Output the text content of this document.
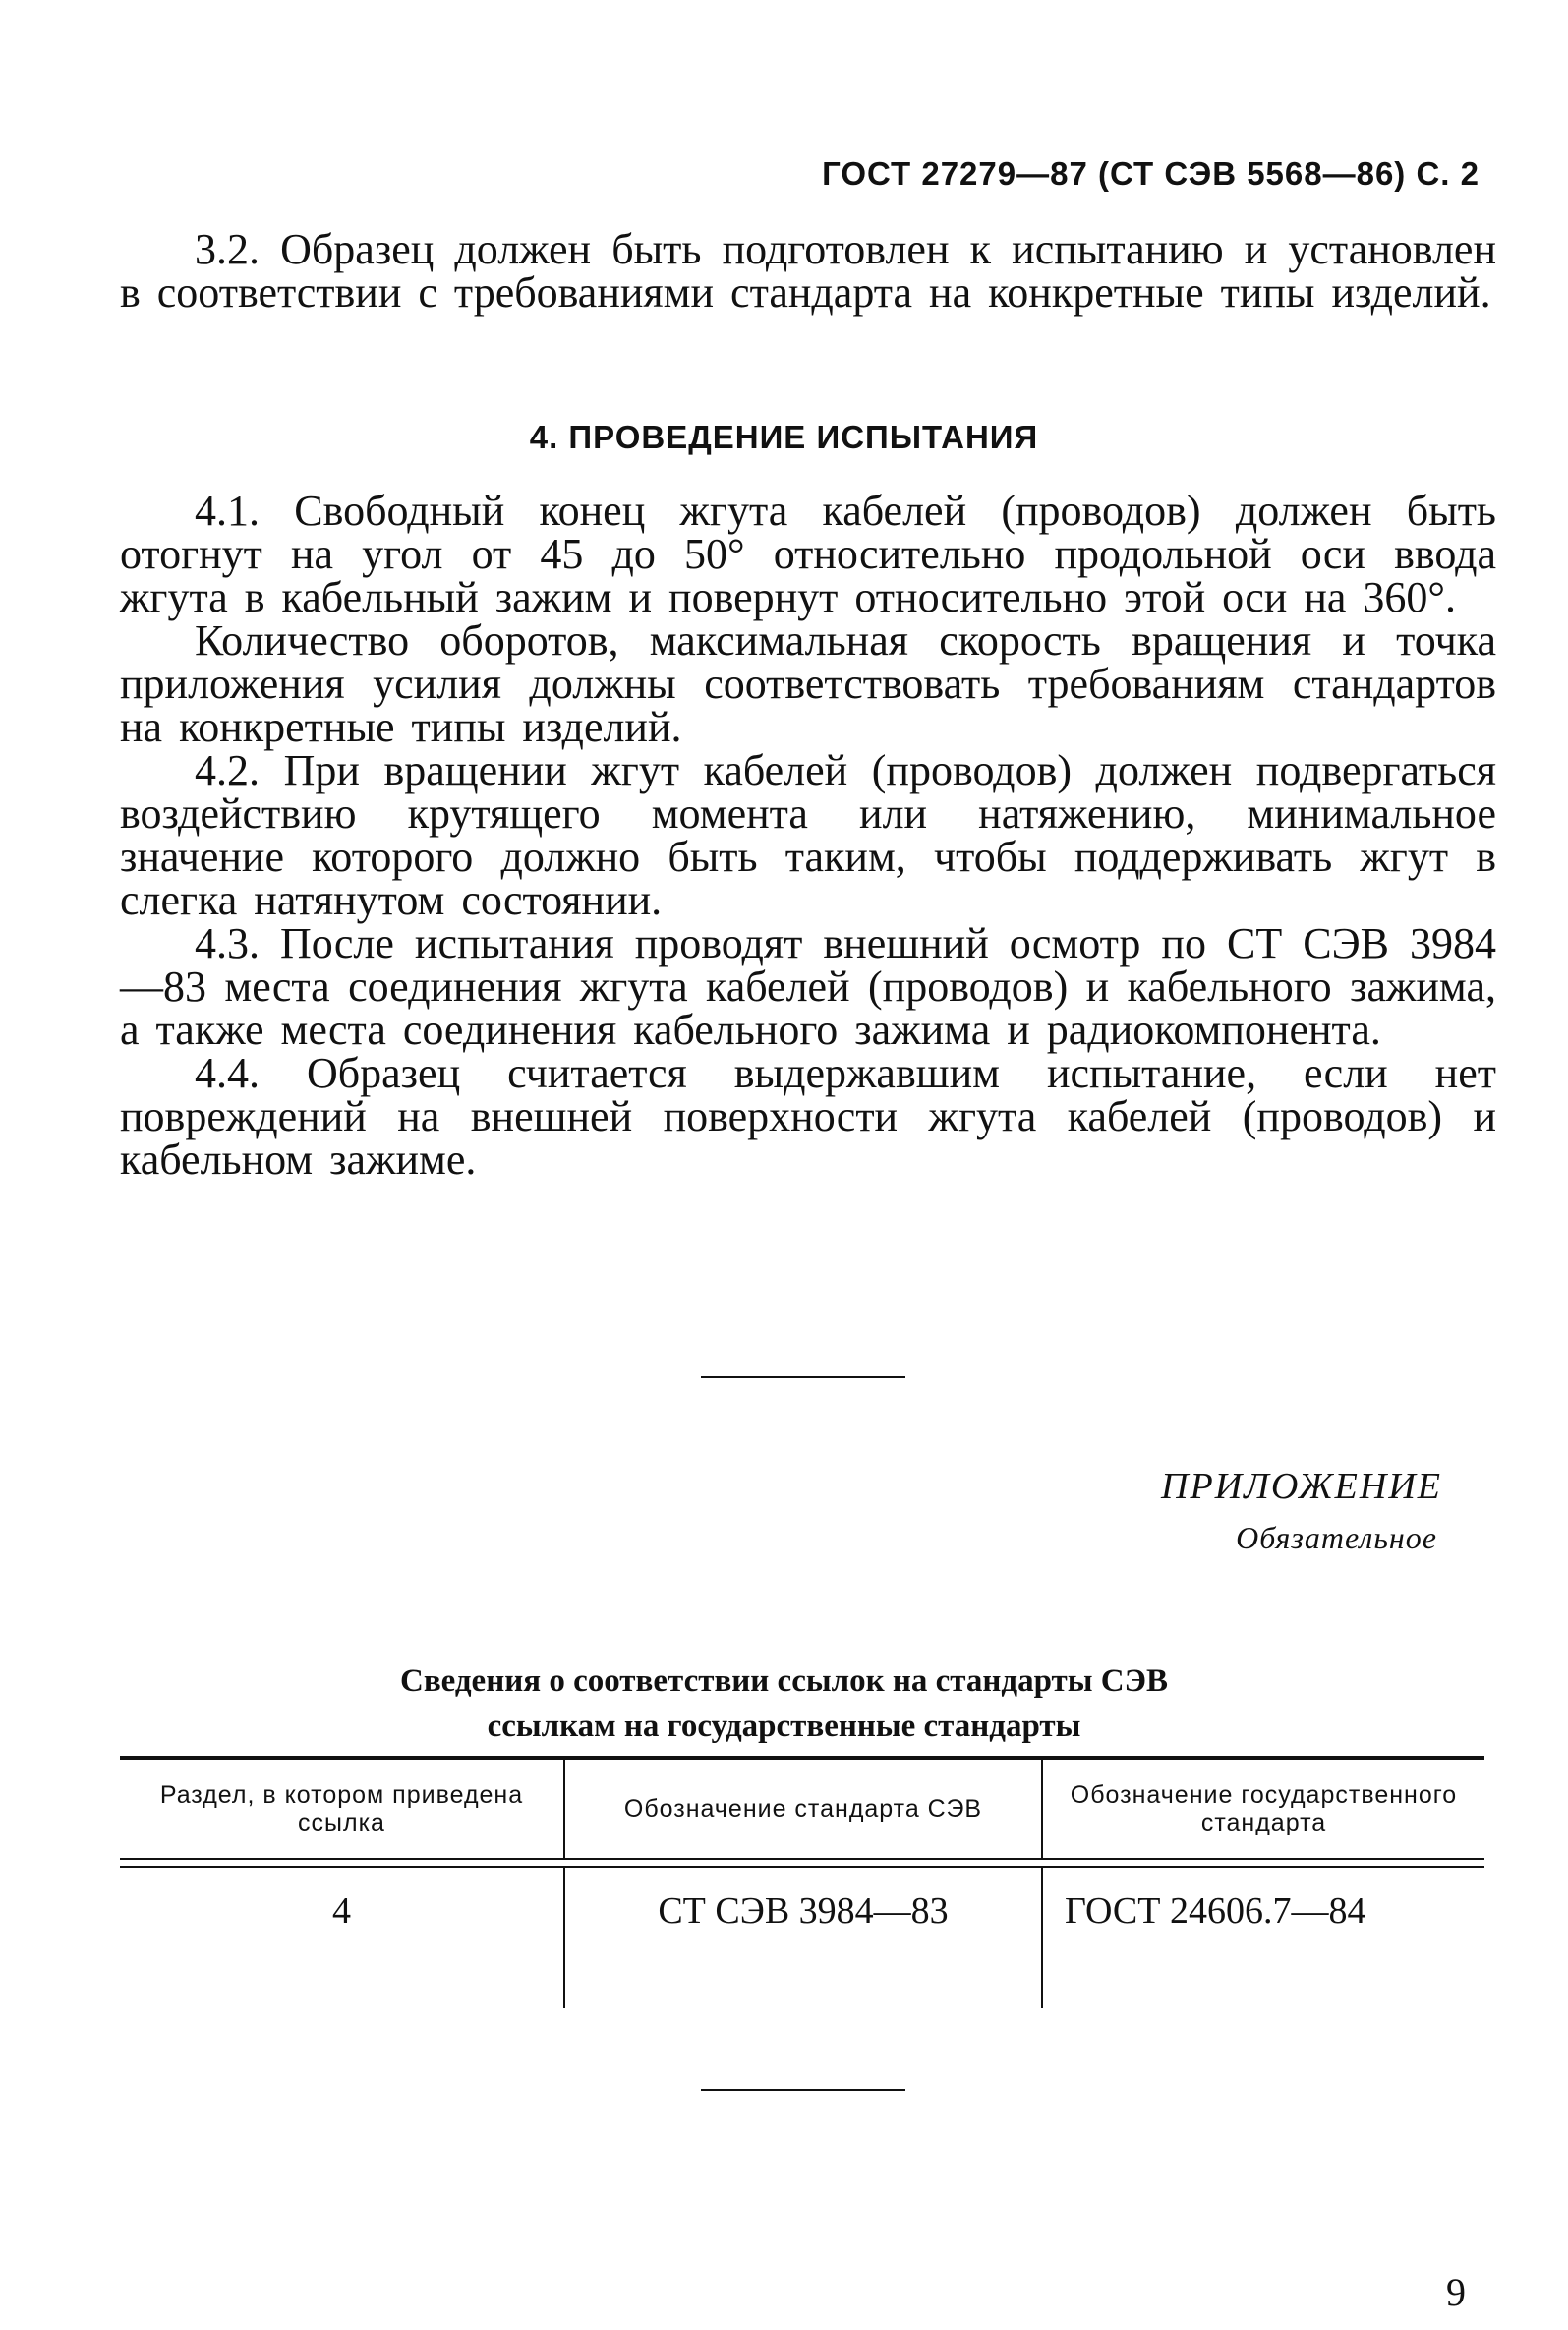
ГОСТ 27279—87 (СТ СЭВ 5568—86) С. 2

3.2. Образец должен быть подготовлен к испытанию и установлен в соответствии с требованиями стандарта на конкретные типы изделий.

4. ПРОВЕДЕНИЕ ИСПЫТАНИЯ

4.1. Свободный конец жгута кабелей (проводов) должен быть отогнут на угол от 45 до 50° относительно продольной оси ввода жгута в кабельный зажим и повернут относительно этой оси на 360°.

Количество оборотов, максимальная скорость вращения и точка приложения усилия должны соответствовать требованиям стандартов на конкретные типы изделий.

4.2. При вращении жгут кабелей (проводов) должен подвергаться воздействию крутящего момента или натяжению, минимальное значение которого должно быть таким, чтобы поддерживать жгут в слегка натянутом состоянии.

4.3. После испытания проводят внешний осмотр по СТ СЭВ 3984—83 места соединения жгута кабелей (проводов) и кабельного зажима, а также места соединения кабельного зажима и радиокомпонента.

4.4. Образец считается выдержавшим испытание, если нет повреждений на внешней поверхности жгута кабелей (проводов) и кабельном зажиме.

ПРИЛОЖЕНИЕ
Обязательное
Сведения о соответствии ссылок на стандарты СЭВ
ссылкам на государственные стандарты
Раздел, в котором приведена ссылка	Обозначение стандарта СЭВ	Обозначение государственного стандарта

4	СТ СЭВ 3984—83	ГОСТ 24606.7—84
9
